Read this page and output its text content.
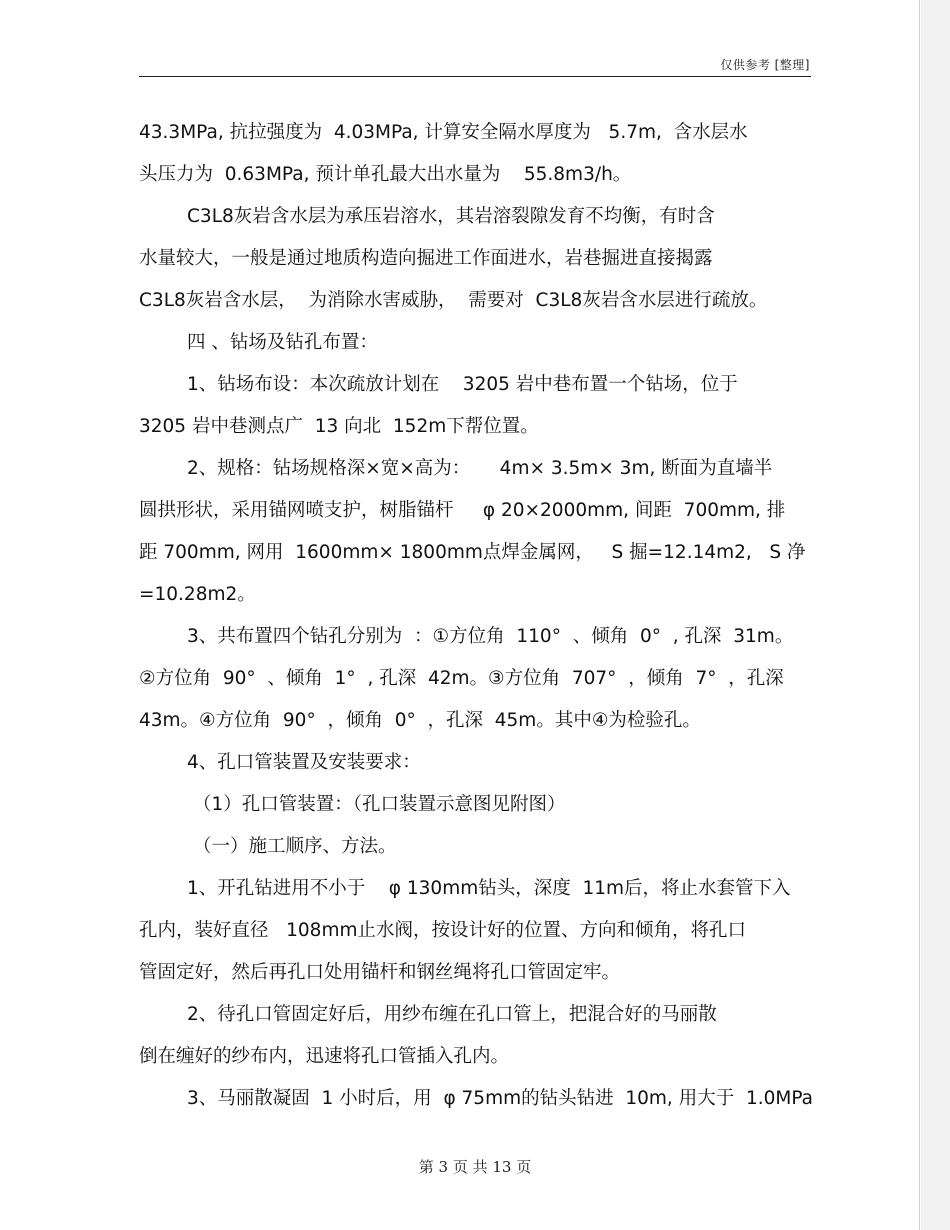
仅供参考 [整理]
43.3MPa, 抗拉强度为  4.03MPa, 计算安全隔水厚度为   5.7m,  含水层水
头压力为  0.63MPa, 预计单孔最大出水量为    55.8m3/h。
C3L8灰岩含水层为承压岩溶水，其岩溶裂隙发育不均衡，有时含
水量较大，一般是通过地质构造向掘进工作面进水，岩巷掘进直接揭露
C3L8灰岩含水层，  为消除水害威胁，  需要对  C3L8灰岩含水层进行疏放。
四 、钻场及钻孔布置：
1、钻场布设：本次疏放计划在    3205 岩中巷布置一个钻场，位于
3205 岩中巷测点广  13 向北  152m下帮位置。
2、规格：钻场规格深×宽×高为：     4m× 3.5m× 3m, 断面为直墙半
圆拱形状，采用锚网喷支护，树脂锚杆     φ 20×2000mm, 间距  700mm, 排
距 700mm, 网用  1600mm× 1800mm点焊金属网，   S 掘=12.14m2,   S 净
=10.28m2。
3、共布置四个钻孔分别为  ：①方位角  110°  、倾角  0°  , 孔深  31m。
②方位角  90°  、倾角  1°  , 孔深  42m。③方位角  707°  ，倾角  7°  ，孔深
43m。④方位角  90°  ，倾角  0°  ，孔深  45m。其中④为检验孔。
4、孔口管装置及安装要求：
（1）孔口管装置：（孔口装置示意图见附图）
（一）施工顺序、方法。
1、开孔钻进用不小于    φ 130mm钻头，深度  11m后，将止水套管下入
孔内，装好直径   108mm止水阀，按设计好的位置、方向和倾角，将孔口
管固定好，然后再孔口处用锚杆和钢丝绳将孔口管固定牢。
2、待孔口管固定好后，用纱布缠在孔口管上，把混合好的马丽散
倒在缠好的纱布内，迅速将孔口管插入孔内。
3、马丽散凝固  1 小时后，用  φ 75mm的钻头钻进  10m, 用大于  1.0MPa
第 3 页 共 13 页
